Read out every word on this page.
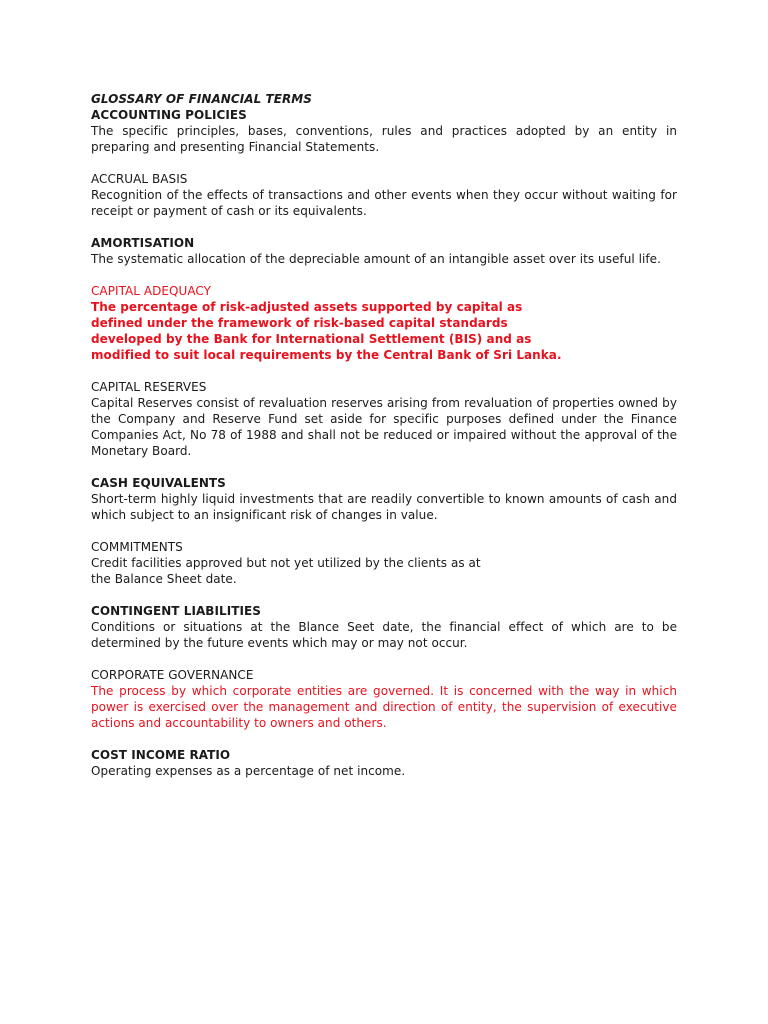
GLOSSARY OF FINANCIAL TERMS

ACCOUNTING POLICIES

The specific principles, bases, conventions, rules and practices adopted by an entity in preparing and presenting Financial Statements.

ACCRUAL BASIS

Recognition of the effects of transactions and other events when they occur without waiting for receipt or payment of cash or its equivalents.

AMORTISATION

The systematic allocation of the depreciable amount of an intangible asset over its useful life.

CAPITAL ADEQUACY

The percentage of risk-adjusted assets supported by capital as
defined under the framework of risk-based capital standards
developed by the Bank for International Settlement (BIS) and as
modified to suit local requirements by the Central Bank of Sri Lanka.

CAPITAL RESERVES

Capital Reserves consist of revaluation reserves arising from revaluation of properties owned by the Company and Reserve Fund set aside for specific purposes defined under the Finance Companies Act, No 78 of 1988 and shall not be reduced or impaired without the approval of the Monetary Board.

CASH EQUIVALENTS

Short-term highly liquid investments that are readily convertible to known amounts of cash and which subject to an insignificant risk of changes in value.

COMMITMENTS

Credit facilities approved but not yet utilized by the clients as at
the Balance Sheet date.

CONTINGENT LIABILITIES

Conditions or situations at the Blance Seet date, the financial effect of which are to be determined by the future events which may or may not occur.

CORPORATE GOVERNANCE

The process by which corporate entities are governed. It is concerned with the way in which power is exercised over the management and direction of entity, the supervision of executive actions and accountability to owners and others.

COST INCOME RATIO

Operating expenses as a percentage of net income.
